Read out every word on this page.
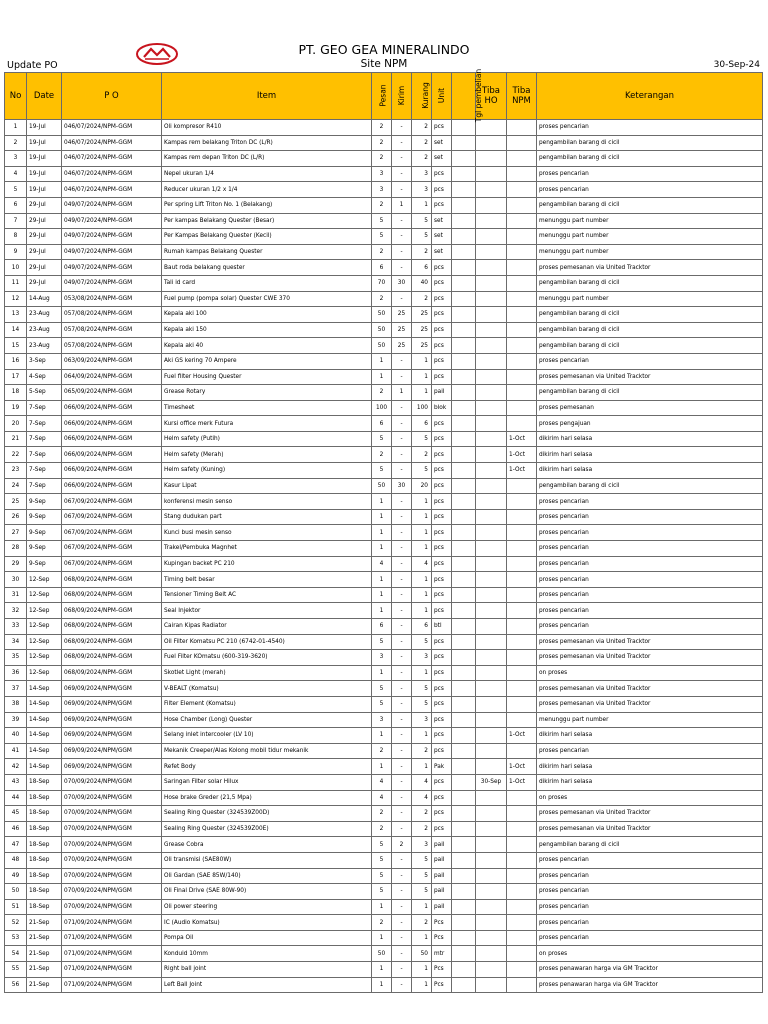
PT. GEO GEA MINERALINDO
Site NPM
Update PO	30-Sep-24
No	Date	P O	Item	Pesan	Kirim	Kurang	Unit	Tgl pembelian	Tiba HO	Tiba NPM	Keterangan
1	19-Jul	046/07/2024/NPM-GGM	Oli kompresor R410	2	-	2	pcs				proses pencarian
2	19-Jul	046/07/2024/NPM-GGM	Kampas rem belakang Triton DC (L/R)	2	-	2	set				pengambilan barang di cicil
3	19-Jul	046/07/2024/NPM-GGM	Kampas rem depan Triton DC (L/R)	2	-	2	set				pengambilan barang di cicil
4	19-Jul	046/07/2024/NPM-GGM	Nepel ukuran 1/4	3	-	3	pcs				proses pencarian
5	19-Jul	046/07/2024/NPM-GGM	Reducer ukuran 1/2 x 1/4	3	-	3	pcs				proses pencarian
6	29-Jul	049/07/2024/NPM-GGM	Per spring Lift Triton No. 1 (Belakang)	2	1	1	pcs				pengambilan barang di cicil
7	29-Jul	049/07/2024/NPM-GGM	Per kampas Belakang Quester (Besar)	5	-	5	set				menunggu part number
8	29-Jul	049/07/2024/NPM-GGM	Per Kampas Belakang Quester (Kecil)	5	-	5	set				menunggu part number
9	29-Jul	049/07/2024/NPM-GGM	Rumah kampas Belakang Quester	2	-	2	set				menunggu part number
10	29-Jul	049/07/2024/NPM-GGM	Baut roda belakang quester	6	-	6	pcs				proses pemesanan via United Tracktor
11	29-Jul	049/07/2024/NPM-GGM	Tali id card	70	30	40	pcs				pengambilan barang di cicil
12	14-Aug	053/08/2024/NPM-GGM	Fuel pump (pompa solar) Quester CWE 370	2	-	2	pcs				menunggu part number
13	23-Aug	057/08/2024/NPM-GGM	Kepala aki 100	50	25	25	pcs				pengambilan barang di cicil
14	23-Aug	057/08/2024/NPM-GGM	Kepala aki 150	50	25	25	pcs				pengambilan barang di cicil
15	23-Aug	057/08/2024/NPM-GGM	Kepala aki 40	50	25	25	pcs				pengambilan barang di cicil
16	3-Sep	063/09/2024/NPM-GGM	Aki GS kering 70 Ampere	1	-	1	pcs				proses pencarian
17	4-Sep	064/09/2024/NPM-GGM	Fuel filter Housing Quester	1	-	1	pcs				proses pemesanan via United Tracktor
18	5-Sep	065/09/2024/NPM-GGM	Grease Rotary	2	1	1	pail				pengambilan barang di cicil
19	7-Sep	066/09/2024/NPM-GGM	Timesheet	100	-	100	blok				proses pemesanan
20	7-Sep	066/09/2024/NPM-GGM	Kursi office merk Futura	6	-	6	pcs				proses pengajuan
21	7-Sep	066/09/2024/NPM-GGM	Helm safety (Putih)	5	-	5	pcs			1-Oct	dikirim hari selasa
22	7-Sep	066/09/2024/NPM-GGM	Helm safety (Merah)	2	-	2	pcs			1-Oct	dikirim hari selasa
23	7-Sep	066/09/2024/NPM-GGM	Helm safety (Kuning)	5	-	5	pcs			1-Oct	dikirim hari selasa
24	7-Sep	066/09/2024/NPM-GGM	Kasur Lipat	50	30	20	pcs				pengambilan barang di cicil
25	9-Sep	067/09/2024/NPM-GGM	konferensi mesin senso	1	-	1	pcs				proses pencarian
26	9-Sep	067/09/2024/NPM-GGM	Stang dudukan part	1	-	1	pcs				proses pencarian
27	9-Sep	067/09/2024/NPM-GGM	Kunci busi mesin senso	1	-	1	pcs				proses pencarian
28	9-Sep	067/09/2024/NPM-GGM	Trakel/Pembuka Magnhet	1	-	1	pcs				proses pencarian
29	9-Sep	067/09/2024/NPM-GGM	Kupingan backet PC 210	4	-	4	pcs				proses pencarian
30	12-Sep	068/09/2024/NPM-GGM	Timing belt besar	1	-	1	pcs				proses pencarian
31	12-Sep	068/09/2024/NPM-GGM	Tensioner Timing Belt AC	1	-	1	pcs				proses pencarian
32	12-Sep	068/09/2024/NPM-GGM	Seal Injektor	1	-	1	pcs				proses pencarian
33	12-Sep	068/09/2024/NPM-GGM	Cairan Kipas Radiator	6	-	6	btl				proses pencarian
34	12-Sep	068/09/2024/NPM-GGM	Oil Filter Komatsu PC 210 (6742-01-4540)	5	-	5	pcs				proses pemesanan via United Tracktor
35	12-Sep	068/09/2024/NPM-GGM	Fuel Filter KOmatsu (600-319-3620)	3	-	3	pcs				proses pemesanan via United Tracktor
36	12-Sep	068/09/2024/NPM-GGM	Skotlet Light (merah)	1	-	1	pcs				on proses
37	14-Sep	069/09/2024/NPM/GGM	V-BEALT (Komatsu)	5	-	5	pcs				proses pemesanan via United Tracktor
38	14-Sep	069/09/2024/NPM/GGM	Filter Element (Komatsu)	5	-	5	pcs				proses pemesanan via United Tracktor
39	14-Sep	069/09/2024/NPM/GGM	Hose Chamber (Long) Quester	3	-	3	pcs				menunggu part number
40	14-Sep	069/09/2024/NPM/GGM	Selang inlet intercooler (LV 10)	1	-	1	pcs			1-Oct	dikirim hari selasa
41	14-Sep	069/09/2024/NPM/GGM	Mekanik Creeper/Alas Kolong mobil tidur mekanik	2	-	2	pcs				proses pencarian
42	14-Sep	069/09/2024/NPM/GGM	Refet Body	1	-	1	Pak			1-Oct	dikirim hari selasa
43	18-Sep	070/09/2024/NPM/GGM	Saringan Filter solar Hilux	4	-	4	pcs		30-Sep	1-Oct	dikirim hari selasa
44	18-Sep	070/09/2024/NPM/GGM	Hose brake Greder (21,5 Mpa)	4	-	4	pcs				on proses
45	18-Sep	070/09/2024/NPM/GGM	Sealing Ring Quester (324539Z00D)	2	-	2	pcs				proses pemesanan via United Tracktor
46	18-Sep	070/09/2024/NPM/GGM	Sealing Ring Quester (324539Z00E)	2	-	2	pcs				proses pemesanan via United Tracktor
47	18-Sep	070/09/2024/NPM/GGM	Grease Cobra	5	2	3	pail				pengambilan barang di cicil
48	18-Sep	070/09/2024/NPM/GGM	Oli transmisi (SAE80W)	5	-	5	pail				proses pencarian
49	18-Sep	070/09/2024/NPM/GGM	Oli Gardan (SAE 85W/140)	5	-	5	pail				proses pencarian
50	18-Sep	070/09/2024/NPM/GGM	Oli Final Drive (SAE 80W-90)	5	-	5	pail				proses pencarian
51	18-Sep	070/09/2024/NPM/GGM	Oli power steering	1	-	1	pail				proses pencarian
52	21-Sep	071/09/2024/NPM/GGM	IC (Audio Komatsu)	2	-	2	Pcs				proses pencarian
53	21-Sep	071/09/2024/NPM/GGM	Pompa Oil	1	-	1	Pcs				proses pencarian
54	21-Sep	071/09/2024/NPM/GGM	Konduid 10mm	50	-	50	mtr				on proses
55	21-Sep	071/09/2024/NPM/GGM	Right ball joint	1	-	1	Pcs				proses penawaran harga via GM Tracktor
56	21-Sep	071/09/2024/NPM/GGM	Left Ball Joint	1	-	1	Pcs				proses penawaran harga via GM Tracktor
